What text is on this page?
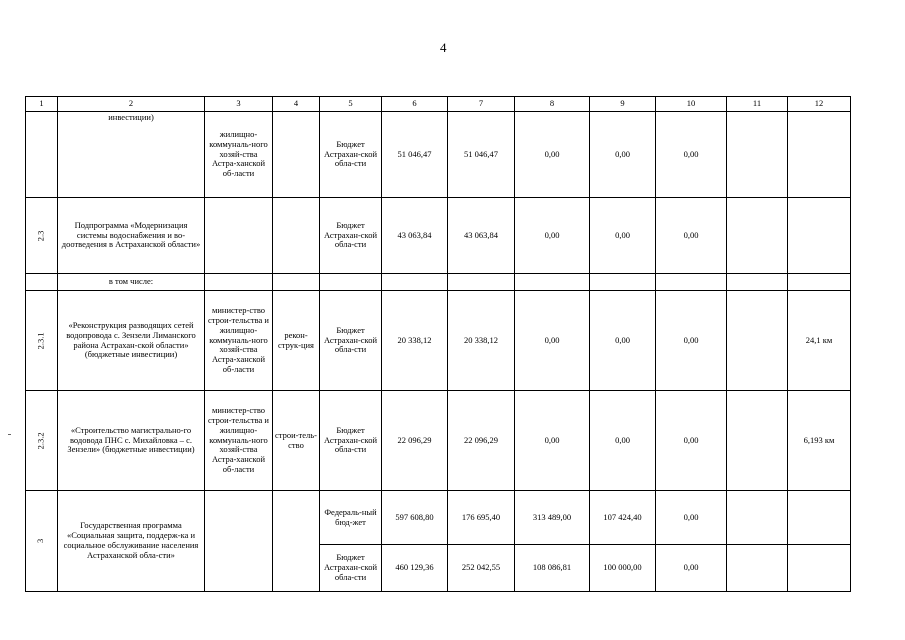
4
1	2	3	4	5	6	7	8	9	10	11	12
	инвестиции)	жилищно-коммуналь-ного хозяй-ства Астра-ханской об-ласти		Бюджет Астрахан-ской обла-сти	51 046,47	51 046,47	0,00	0,00	0,00		
2.3	Подпрограмма «Модернизация системы водоснабжения и во-доотведения в Астраханской области»			Бюджет Астрахан-ской обла-сти	43 063,84	43 063,84	0,00	0,00	0,00		
	в том числе:										
2.3.1	«Реконструкция разводящих сетей водопровода с. Зензели Лиманского района Астрахан-ской области» (бюджетные инвестиции)	министер-ство строи-тельства и жилищно-коммуналь-ного хозяй-ства Астра-ханской об-ласти	рекон-струк-ция	Бюджет Астрахан-ской обла-сти	20 338,12	20 338,12	0,00	0,00	0,00		24,1 км
2.3.2	«Строительство магистрально-го водовода ПНС с. Михайловка – с. Зензели» (бюджетные инвестиции)	министер-ство строи-тельства и жилищно-коммуналь-ного хозяй-ства Астра-ханской об-ласти	строи-тель-ство	Бюджет Астрахан-ской обла-сти	22 096,29	22 096,29	0,00	0,00	0,00		6,193 км
3	Государственная программа «Социальная защита, поддерж-ка и социальное обслуживание населения Астраханской обла-сти»			Федераль-ный бюд-жет	597 608,80	176 695,40	313 489,00	107 424,40	0,00		
				Бюджет Астрахан-ской обла-сти	460 129,36	252 042,55	108 086,81	100 000,00	0,00		
